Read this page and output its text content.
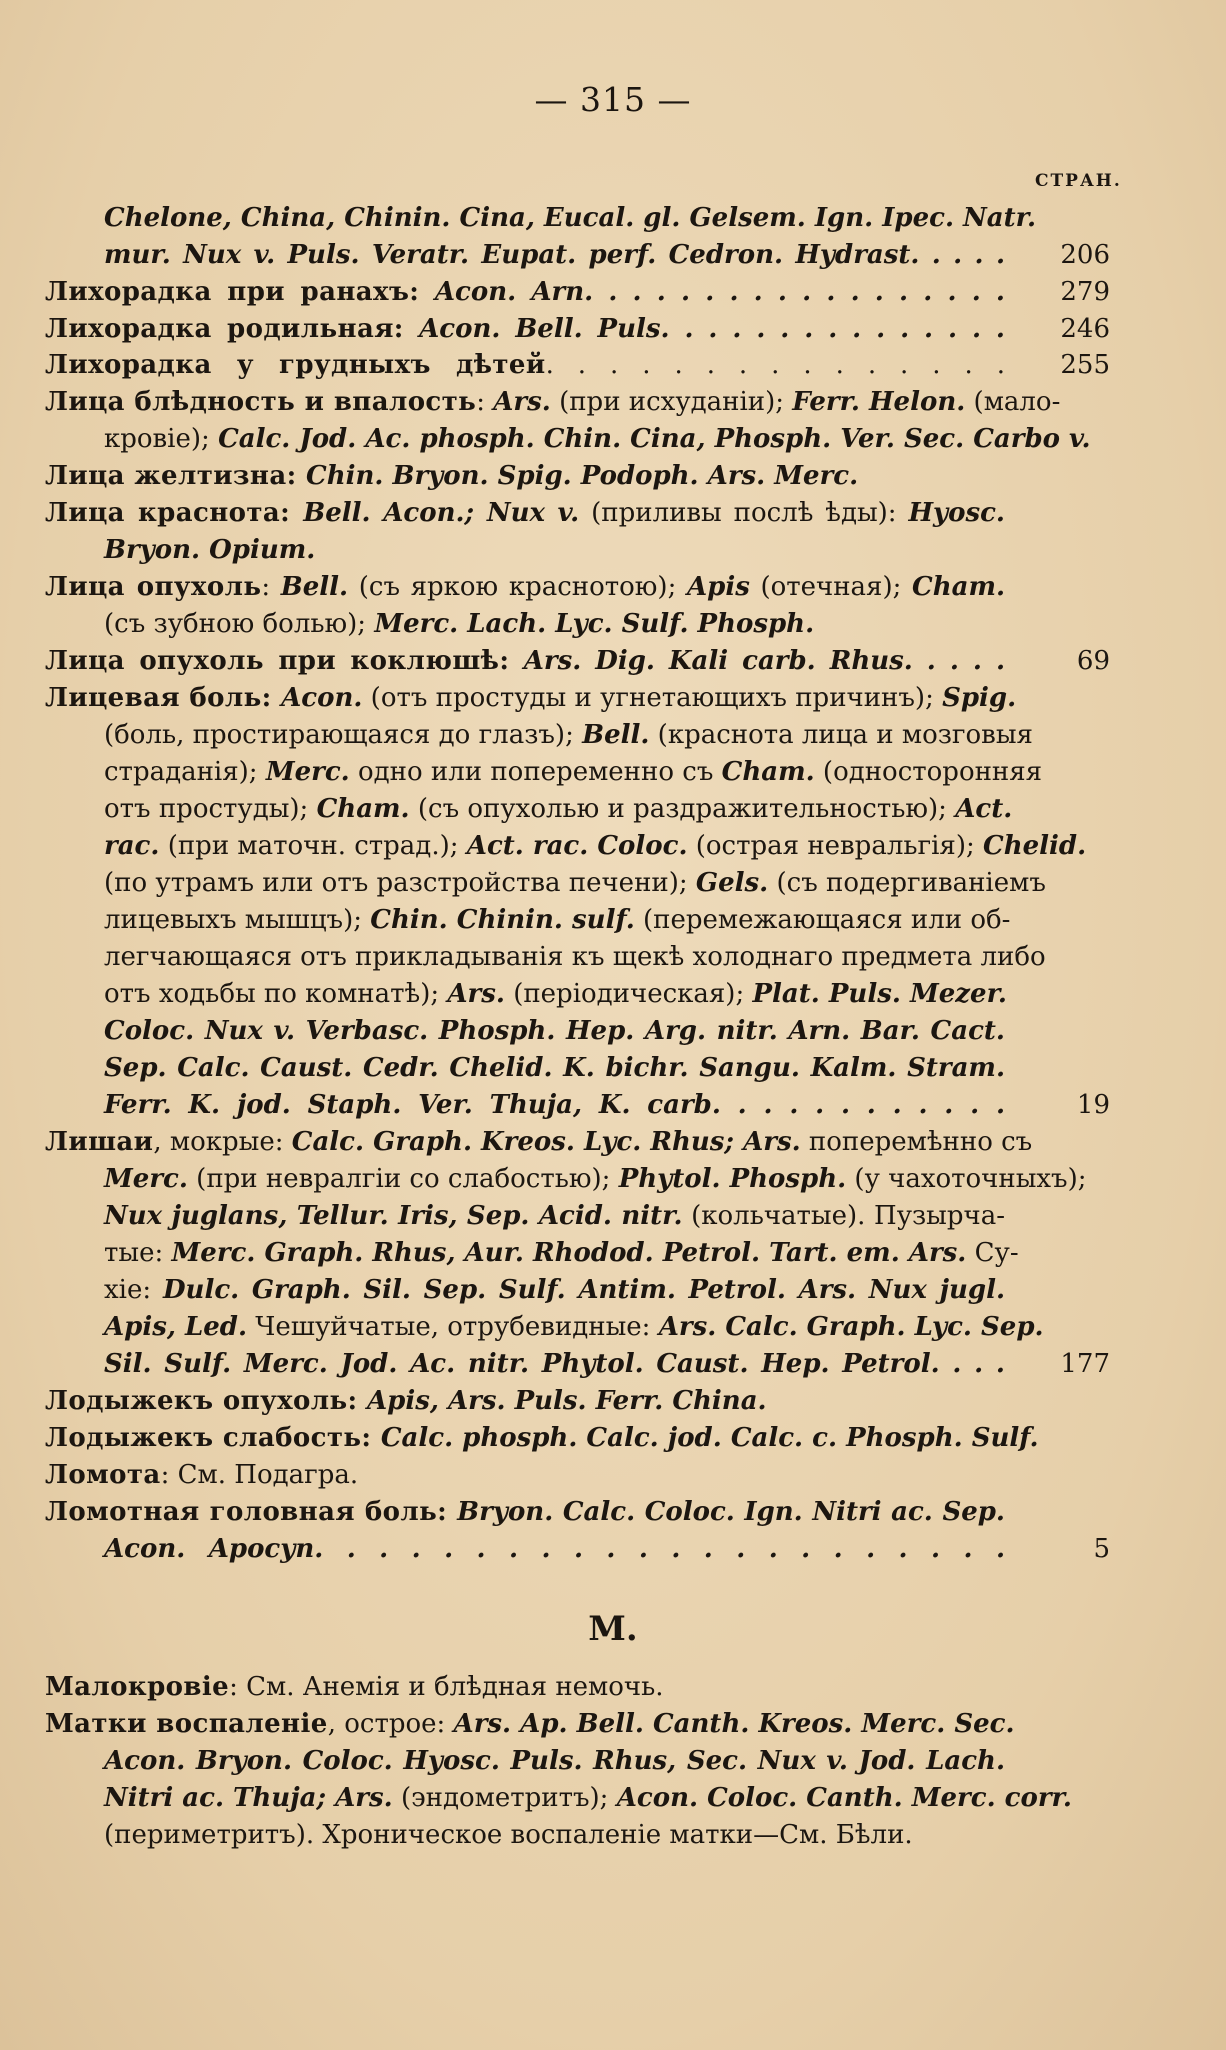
— 315 —
СТРАН.
Chelone, China, Chinin. Cina, Eucal. gl. Gelsem. Ign. Ipec. Natr.
mur. Nux v. Puls. Veratr. Eupat. perf. Cedron. Hydrast. . . . .
Лихорадка при ранахъ: Acon. Arn. . . . . . . . . . . . . . . . . .
Лихорадка родильная: Acon. Bell. Puls. . . . . . . . . . . . . . .
Лихорадка у грудныхъ дѣтей. . . . . . . . . . . . . . .
Лица блѣдность и впалость: Ars. (при исхуданіи); Ferr. Helon. (мало-
кровіе); Calc. Jod. Ac. phosph. Chin. Cina, Phosph. Ver. Sec. Carbo v.
Лица желтизна: Chin. Bryon. Spig. Podoph. Ars. Merc.
Лица краснота: Bell. Acon.; Nux v. (приливы послѣ ѣды): Hyosc.
Bryon. Opium.
Лица опухоль: Bell. (съ яркою краснотою); Apis (отечная); Cham.
(съ зубною болью); Merc. Lach. Lyc. Sulf. Phosph.
Лица опухоль при коклюшѣ: Ars. Dig. Kali carb. Rhus. . . . .
Лицевая боль: Acon. (отъ простуды и угнетающихъ причинъ); Spig.
(боль, простирающаяся до глазъ); Bell. (краснота лица и мозговыя
страданія); Merc. одно или попеременно съ Cham. (односторонняя
отъ простуды); Cham. (съ опухолью и раздражительностью); Act.
rac. (при маточн. страд.); Act. rac. Coloc. (острая невральгія); Chelid.
(по утрамъ или отъ разстройства печени); Gels. (съ подергиваніемъ
лицевыхъ мышцъ); Chin. Chinin. sulf. (перемежающаяся или об-
легчающаяся отъ прикладыванія къ щекѣ холоднаго предмета либо
отъ ходьбы по комнатѣ); Ars. (періодическая); Plat. Puls. Mezer.
Coloc. Nux v. Verbasc. Phosph. Hep. Arg. nitr. Arn. Bar. Cact.
Sep. Calc. Caust. Cedr. Chelid. K. bichr. Sangu. Kalm. Stram.
Ferr. K. jod. Staph. Ver. Thuja, K. carb. . . . . . . . . . . .
Лишаи, мокрые: Calc. Graph. Kreos. Lyc. Rhus; Ars. поперемѣнно съ
Merc. (при невралгіи со слабостью); Phytol. Phosph. (у чахоточныхъ);
Nux juglans, Tellur. Iris, Sep. Acid. nitr. (кольчатые). Пузырча-
тые: Merc. Graph. Rhus, Aur. Rhodod. Petrol. Tart. em. Ars. Су-
хіе: Dulc. Graph. Sil. Sep. Sulf. Antim. Petrol. Ars. Nux jugl.
Apis, Led. Чешуйчатые, отрубевидные: Ars. Calc. Graph. Lyc. Sep.
Sil. Sulf. Merc. Jod. Ac. nitr. Phytol. Caust. Hep. Petrol. . . .
Лодыжекъ опухоль: Apis, Ars. Puls. Ferr. China.
Лодыжекъ слабость: Calc. phosph. Calc. jod. Calc. c. Phosph. Sulf.
Ломота: См. Подагра.
Ломотная головная боль: Bryon. Calc. Coloc. Ign. Nitri ac. Sep.
Acon. Apocyn. . . . . . . . . . . . . . . . . . . . . .
M.
Малокровіе: См. Анемія и блѣдная немочь.
Матки воспаленіе, острое: Ars. Ap. Bell. Canth. Kreos. Merc. Sec.
Acon. Bryon. Coloc. Hyosc. Puls. Rhus, Sec. Nux v. Jod. Lach.
Nitri ac. Thuja; Ars. (эндометритъ); Acon. Coloc. Canth. Merc. corr.
(периметритъ). Хроническое воспаленіе матки—См. Бѣли.
206
279
246
255
69
19
177
5
